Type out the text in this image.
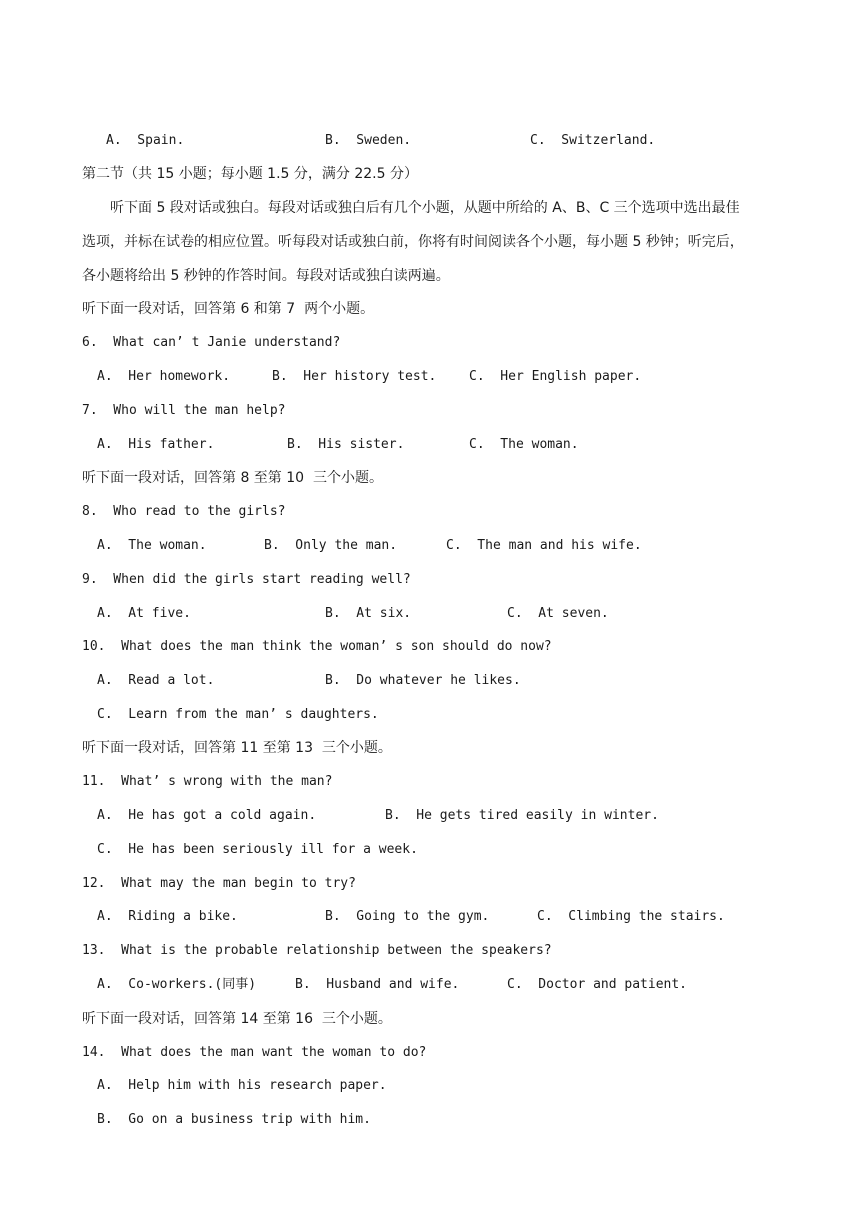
A.  Spain.	B.  Sweden.	C.  Switzerland.
第二节（共 15 小题；每小题 1.5 分，满分 22.5 分）
听下面 5 段对话或独白。每段对话或独白后有几个小题，从题中所给的 A、B、C 三个选项中选出最佳
选项，并标在试卷的相应位置。听每段对话或独白前，你将有时间阅读各个小题，每小题 5 秒钟；听完后，
各小题将给出 5 秒钟的作答时间。每段对话或独白读两遍。
听下面一段对话，回答第 6 和第 7  两个小题。
6.  What can’ t Janie understand?
A.  Her homework.	B.  Her history test.	C.  Her English paper.
7.  Who will the man help?
A.  His father.	B.  His sister.	C.  The woman.
听下面一段对话，回答第 8 至第 10  三个小题。
8.  Who read to the girls?
A.  The woman.	B.  Only the man.	C.  The man and his wife.
9.  When did the girls start reading well?
A.  At five.	B.  At six.	C.  At seven.
10.  What does the man think the woman’ s son should do now?
A.  Read a lot.	B.  Do whatever he likes.
C.  Learn from the man’ s daughters.
听下面一段对话，回答第 11 至第 13  三个小题。
11.  What’ s wrong with the man?
A.  He has got a cold again.	B.  He gets tired easily in winter.
C.  He has been seriously ill for a week.
12.  What may the man begin to try?
A.  Riding a bike.	B.  Going to the gym.	C.  Climbing the stairs.
13.  What is the probable relationship between the speakers?
A.  Co-workers.(同事)	B.  Husband and wife.	C.  Doctor and patient.
听下面一段对话，回答第 14 至第 16  三个小题。
14.  What does the man want the woman to do?
A.  Help him with his research paper.
B.  Go on a business trip with him.
